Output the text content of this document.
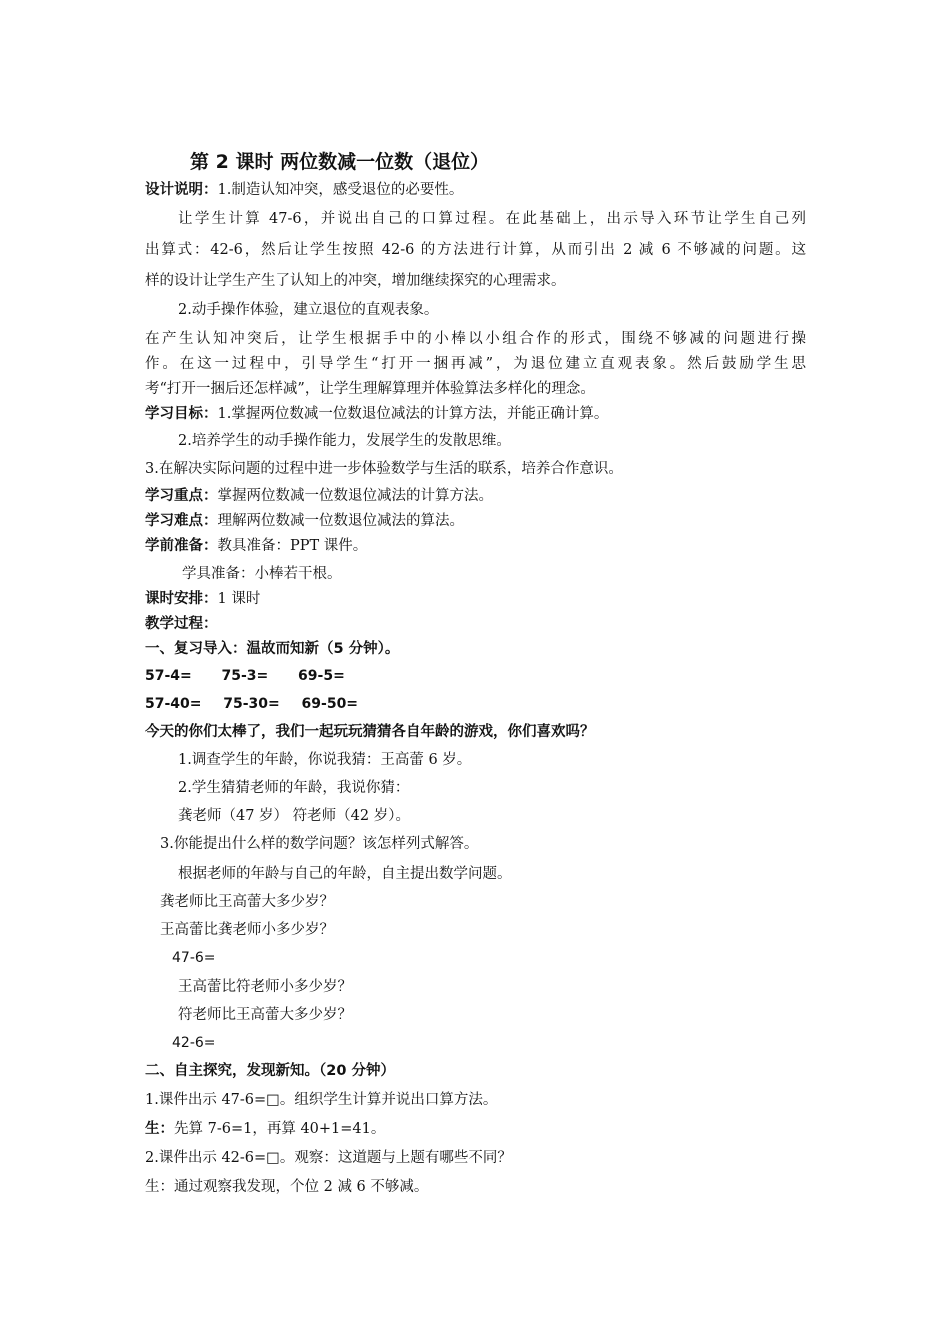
第 2 课时 两位数减一位数（退位）
设计说明：1.制造认知冲突，感受退位的必要性。
让学生计算 47-6，并说出自己的口算过程。在此基础上，出示导入环节让学生自己列
出算式：42-6，然后让学生按照 42-6 的方法进行计算，从而引出 2 减 6 不够减的问题。这
样的设计让学生产生了认知上的冲突，增加继续探究的心理需求。
2.动手操作体验，建立退位的直观表象。
在产生认知冲突后，让学生根据手中的小棒以小组合作的形式，围绕不够减的问题进行操
作。在这一过程中，引导学生“打开一捆再减”，为退位建立直观表象。然后鼓励学生思
考“打开一捆后还怎样减”，让学生理解算理并体验算法多样化的理念。
学习目标：1.掌握两位数减一位数退位减法的计算方法，并能正确计算。
2.培养学生的动手操作能力，发展学生的发散思维。
3.在解决实际问题的过程中进一步体验数学与生活的联系，培养合作意识。
学习重点：掌握两位数减一位数退位减法的计算方法。
学习难点：理解两位数减一位数退位减法的算法。
学前准备：教具准备：PPT 课件。
学具准备：小棒若干根。
课时安排：1 课时
教学过程：
一、复习导入：温故而知新（5 分钟）。
57-4= 75-3= 69-5=
57-40= 75-30= 69-50=
今天的你们太棒了，我们一起玩玩猜猜各自年龄的游戏，你们喜欢吗？
1.调查学生的年龄，你说我猜：王高蕾 6 岁。
2.学生猜猜老师的年龄，我说你猜：
龚老师（47 岁） 符老师（42 岁）。
3.你能提出什么样的数学问题？该怎样列式解答。
根据老师的年龄与自己的年龄，自主提出数学问题。
龚老师比王高蕾大多少岁？
王高蕾比龚老师小多少岁？
47-6=
王高蕾比符老师小多少岁？
符老师比王高蕾大多少岁？
42-6=
二、自主探究，发现新知。（20 分钟）
1.课件出示 47-6=□。组织学生计算并说出口算方法。
生：先算 7-6=1，再算 40+1=41。
2.课件出示 42-6=□。观察：这道题与上题有哪些不同？
生：通过观察我发现，个位 2 减 6 不够减。
